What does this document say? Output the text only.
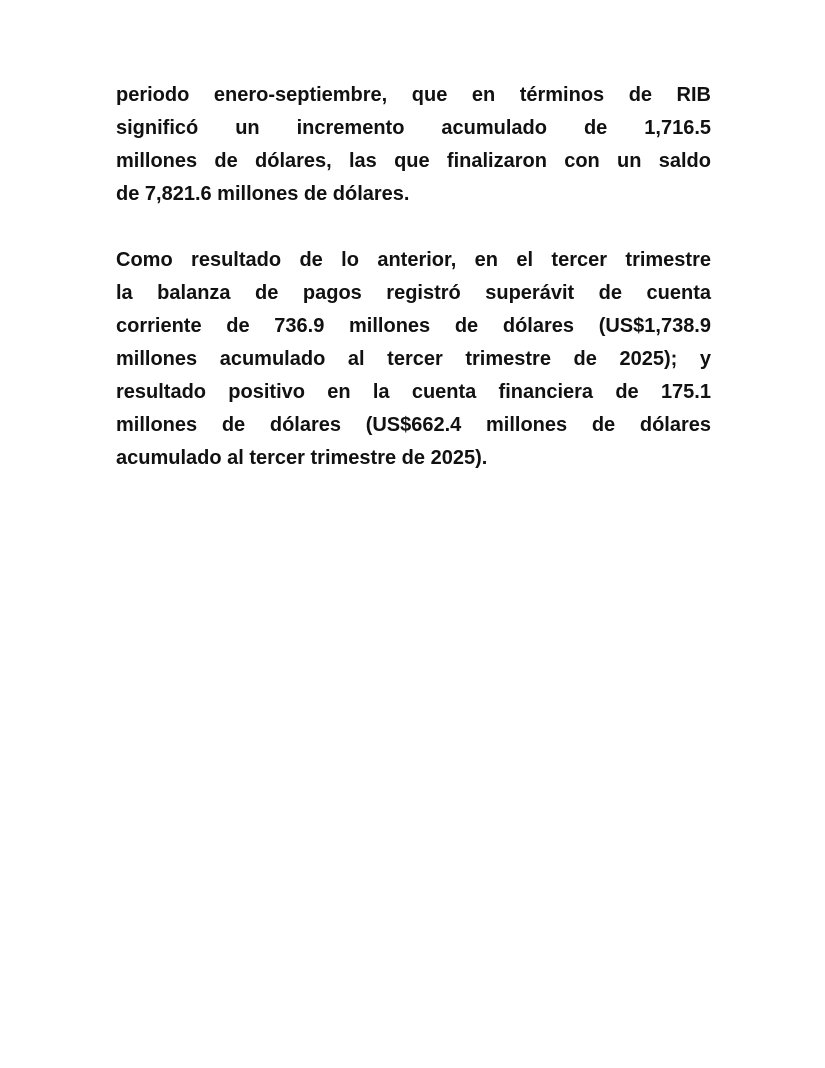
periodo enero-septiembre, que en términos de RIB
significó un incremento acumulado de 1,716.5
millones de dólares, las que finalizaron con un saldo
de 7,821.6 millones de dólares.

Como resultado de lo anterior, en el tercer trimestre
la balanza de pagos registró superávit de cuenta
corriente de 736.9 millones de dólares (US$1,738.9
millones acumulado al tercer trimestre de 2025); y
resultado positivo en la cuenta financiera de 175.1
millones de dólares (US$662.4 millones de dólares
acumulado al tercer trimestre de 2025).
